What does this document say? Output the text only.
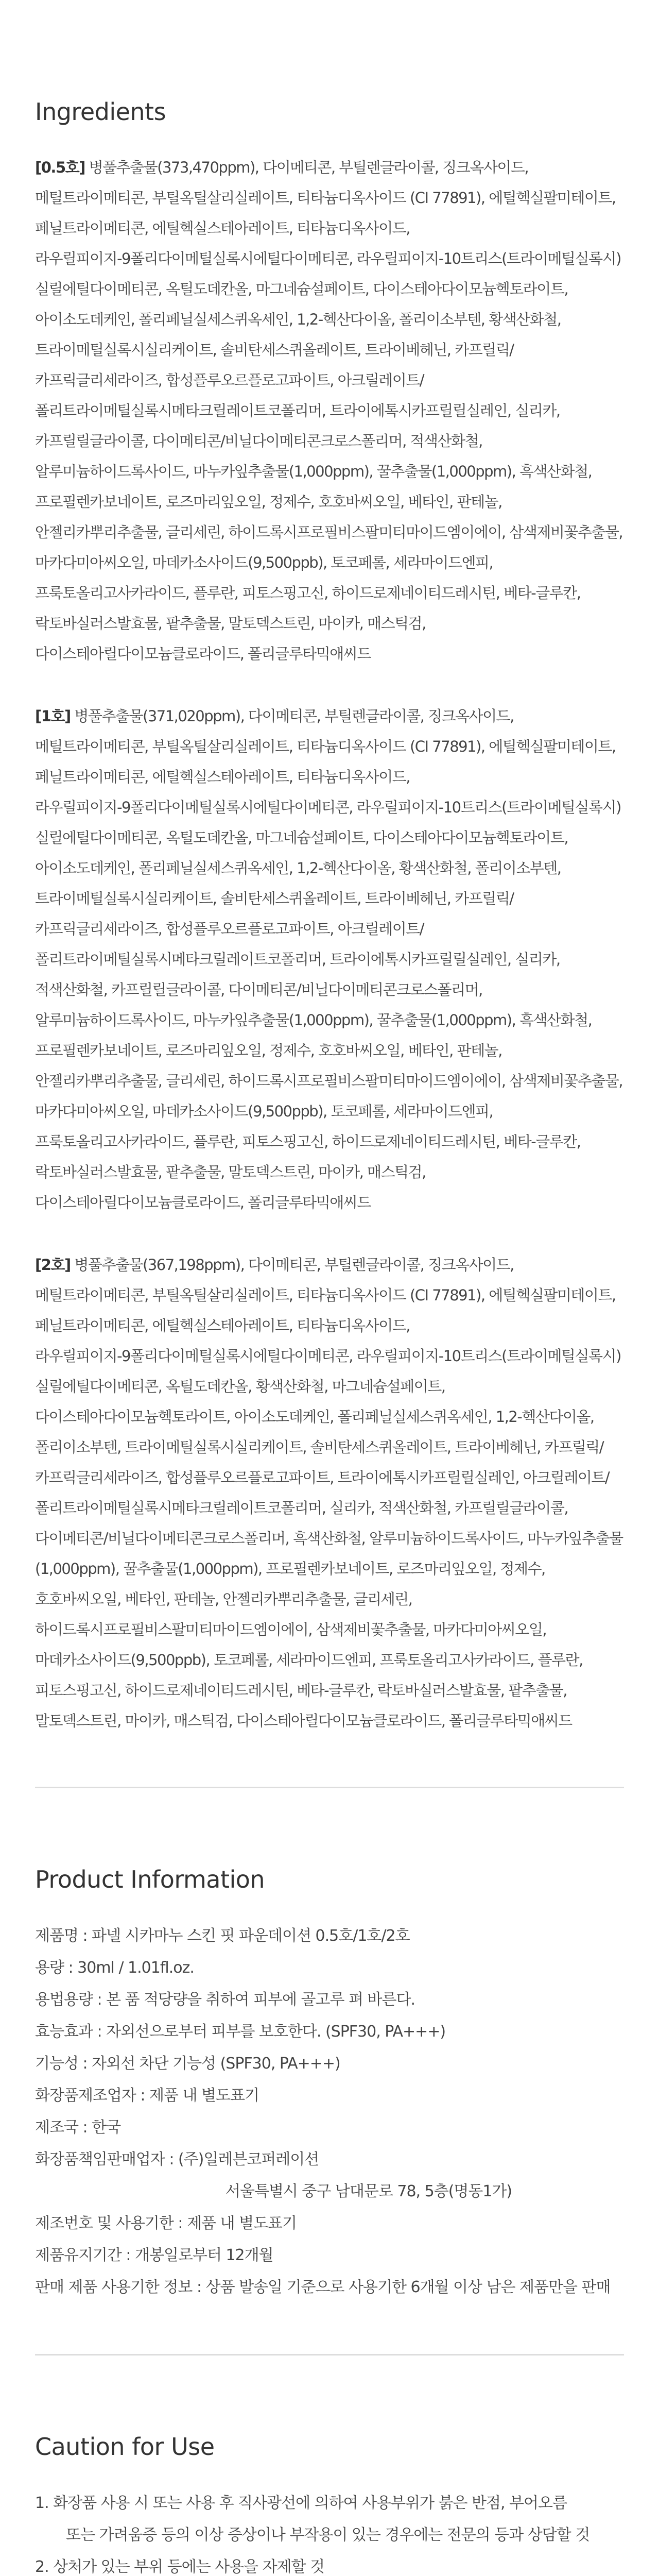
Ingredients

[0.5호] 병풀추출물(373,470ppm), 다이메티콘, 부틸렌글라이콜, 징크옥사이드, 메틸트라이메티콘, 부틸옥틸살리실레이트, 티타늄디옥사이드 (CI 77891), 에틸헥실팔미테이트, 페닐트라이메티콘, 에틸헥실스테아레이트, 티타늄디옥사이드, 라우릴피이지-9폴리다이메틸실록시에틸다이메티콘, 라우릴피이지-10트리스(트라이메틸실록시)실릴에틸다이메티콘, 옥틸도데칸올, 마그네슘설페이트, 다이스테아다이모늄헥토라이트, 아이소도데케인, 폴리페닐실세스퀴옥세인, 1,2-헥산다이올, 폴리이소부텐, 황색산화철, 트라이메틸실록시실리케이트, 솔비탄세스퀴올레이트, 트라이베헤닌, 카프릴릭/카프릭글리세라이즈, 합성플루오르플로고파이트, 아크릴레이트/폴리트라이메틸실록시메타크릴레이트코폴리머, 트라이에톡시카프릴릴실레인, 실리카, 카프릴릴글라이콜, 다이메티콘/비닐다이메티콘크로스폴리머, 적색산화철, 알루미늄하이드록사이드, 마누카잎추출물(1,000ppm), 꿀추출물(1,000ppm), 흑색산화철, 프로필렌카보네이트, 로즈마리잎오일, 정제수, 호호바씨오일, 베타인, 판테놀, 안젤리카뿌리추출물, 글리세린, 하이드록시프로필비스팔미티마이드엠이에이, 삼색제비꽃추출물, 마카다미아씨오일, 마데카소사이드(9,500ppb), 토코페롤, 세라마이드엔피, 프룩토올리고사카라이드, 플루란, 피토스핑고신, 하이드로제네이티드레시틴, 베타-글루칸, 락토바실러스발효물, 팥추출물, 말토덱스트린, 마이카, 매스틱검, 다이스테아릴다이모늄클로라이드, 폴리글루타믹애씨드

[1호] 병풀추출물(371,020ppm), 다이메티콘, 부틸렌글라이콜, 징크옥사이드, 메틸트라이메티콘, 부틸옥틸살리실레이트, 티타늄디옥사이드 (CI 77891), 에틸헥실팔미테이트, 페닐트라이메티콘, 에틸헥실스테아레이트, 티타늄디옥사이드, 라우릴피이지-9폴리다이메틸실록시에틸다이메티콘, 라우릴피이지-10트리스(트라이메틸실록시)실릴에틸다이메티콘, 옥틸도데칸올, 마그네슘설페이트, 다이스테아다이모늄헥토라이트, 아이소도데케인, 폴리페닐실세스퀴옥세인, 1,2-헥산다이올, 황색산화철, 폴리이소부텐, 트라이메틸실록시실리케이트, 솔비탄세스퀴올레이트, 트라이베헤닌, 카프릴릭/카프릭글리세라이즈, 합성플루오르플로고파이트, 아크릴레이트/폴리트라이메틸실록시메타크릴레이트코폴리머, 트라이에톡시카프릴릴실레인, 실리카, 적색산화철, 카프릴릴글라이콜, 다이메티콘/비닐다이메티콘크로스폴리머, 알루미늄하이드록사이드, 마누카잎추출물(1,000ppm), 꿀추출물(1,000ppm), 흑색산화철, 프로필렌카보네이트, 로즈마리잎오일, 정제수, 호호바씨오일, 베타인, 판테놀, 안젤리카뿌리추출물, 글리세린, 하이드록시프로필비스팔미티마이드엠이에이, 삼색제비꽃추출물, 마카다미아씨오일, 마데카소사이드(9,500ppb), 토코페롤, 세라마이드엔피, 프룩토올리고사카라이드, 플루란, 피토스핑고신, 하이드로제네이티드레시틴, 베타-글루칸, 락토바실러스발효물, 팥추출물, 말토덱스트린, 마이카, 매스틱검, 다이스테아릴다이모늄클로라이드, 폴리글루타믹애씨드

[2호] 병풀추출물(367,198ppm), 다이메티콘, 부틸렌글라이콜, 징크옥사이드, 메틸트라이메티콘, 부틸옥틸살리실레이트, 티타늄디옥사이드 (CI 77891), 에틸헥실팔미테이트, 페닐트라이메티콘, 에틸헥실스테아레이트, 티타늄디옥사이드, 라우릴피이지-9폴리다이메틸실록시에틸다이메티콘, 라우릴피이지-10트리스(트라이메틸실록시)실릴에틸다이메티콘, 옥틸도데칸올, 황색산화철, 마그네슘설페이트, 다이스테아다이모늄헥토라이트, 아이소도데케인, 폴리페닐실세스퀴옥세인, 1,2-헥산다이올, 폴리이소부텐, 트라이메틸실록시실리케이트, 솔비탄세스퀴올레이트, 트라이베헤닌, 카프릴릭/카프릭글리세라이즈, 합성플루오르플로고파이트, 트라이에톡시카프릴릴실레인, 아크릴레이트/폴리트라이메틸실록시메타크릴레이트코폴리머, 실리카, 적색산화철, 카프릴릴글라이콜, 다이메티콘/비닐다이메티콘크로스폴리머, 흑색산화철, 알루미늄하이드록사이드, 마누카잎추출물(1,000ppm), 꿀추출물(1,000ppm), 프로필렌카보네이트, 로즈마리잎오일, 정제수, 호호바씨오일, 베타인, 판테놀, 안젤리카뿌리추출물, 글리세린, 하이드록시프로필비스팔미티마이드엠이에이, 삼색제비꽃추출물, 마카다미아씨오일, 마데카소사이드(9,500ppb), 토코페롤, 세라마이드엔피, 프룩토올리고사카라이드, 플루란, 피토스핑고신, 하이드로제네이티드레시틴, 베타-글루칸, 락토바실러스발효물, 팥추출물, 말토덱스트린, 마이카, 매스틱검, 다이스테아릴다이모늄클로라이드, 폴리글루타믹애씨드

Product Information
제품명 : 파넬 시카마누 스킨 핏 파운데이션 0.5호/1호/2호
용량 : 30ml / 1.01fl.oz.
용법용량 : 본 품 적당량을 취하여 피부에 골고루 펴 바른다.
효능효과 : 자외선으로부터 피부를 보호한다. (SPF30, PA+++)
기능성 : 자외선 차단 기능성 (SPF30, PA+++)
화장품제조업자 : 제품 내 별도표기
제조국 : 한국
화장품책임판매업자 : (주)일레븐코퍼레이션
서울특별시 중구 남대문로 78, 5층(명동1가)
제조번호 및 사용기한 : 제품 내 별도표기
제품유지기간 : 개봉일로부터 12개월
판매 제품 사용기한 정보 : 상품 발송일 기준으로 사용기한 6개월 이상 남은 제품만을 판매
Caution for Use
1. 화장품 사용 시 또는 사용 후 직사광선에 의하여 사용부위가 붉은 반점, 부어오름
또는 가려움증 등의 이상 증상이나 부작용이 있는 경우에는 전문의 등과 상담할 것
2. 상처가 있는 부위 등에는 사용을 자제할 것
